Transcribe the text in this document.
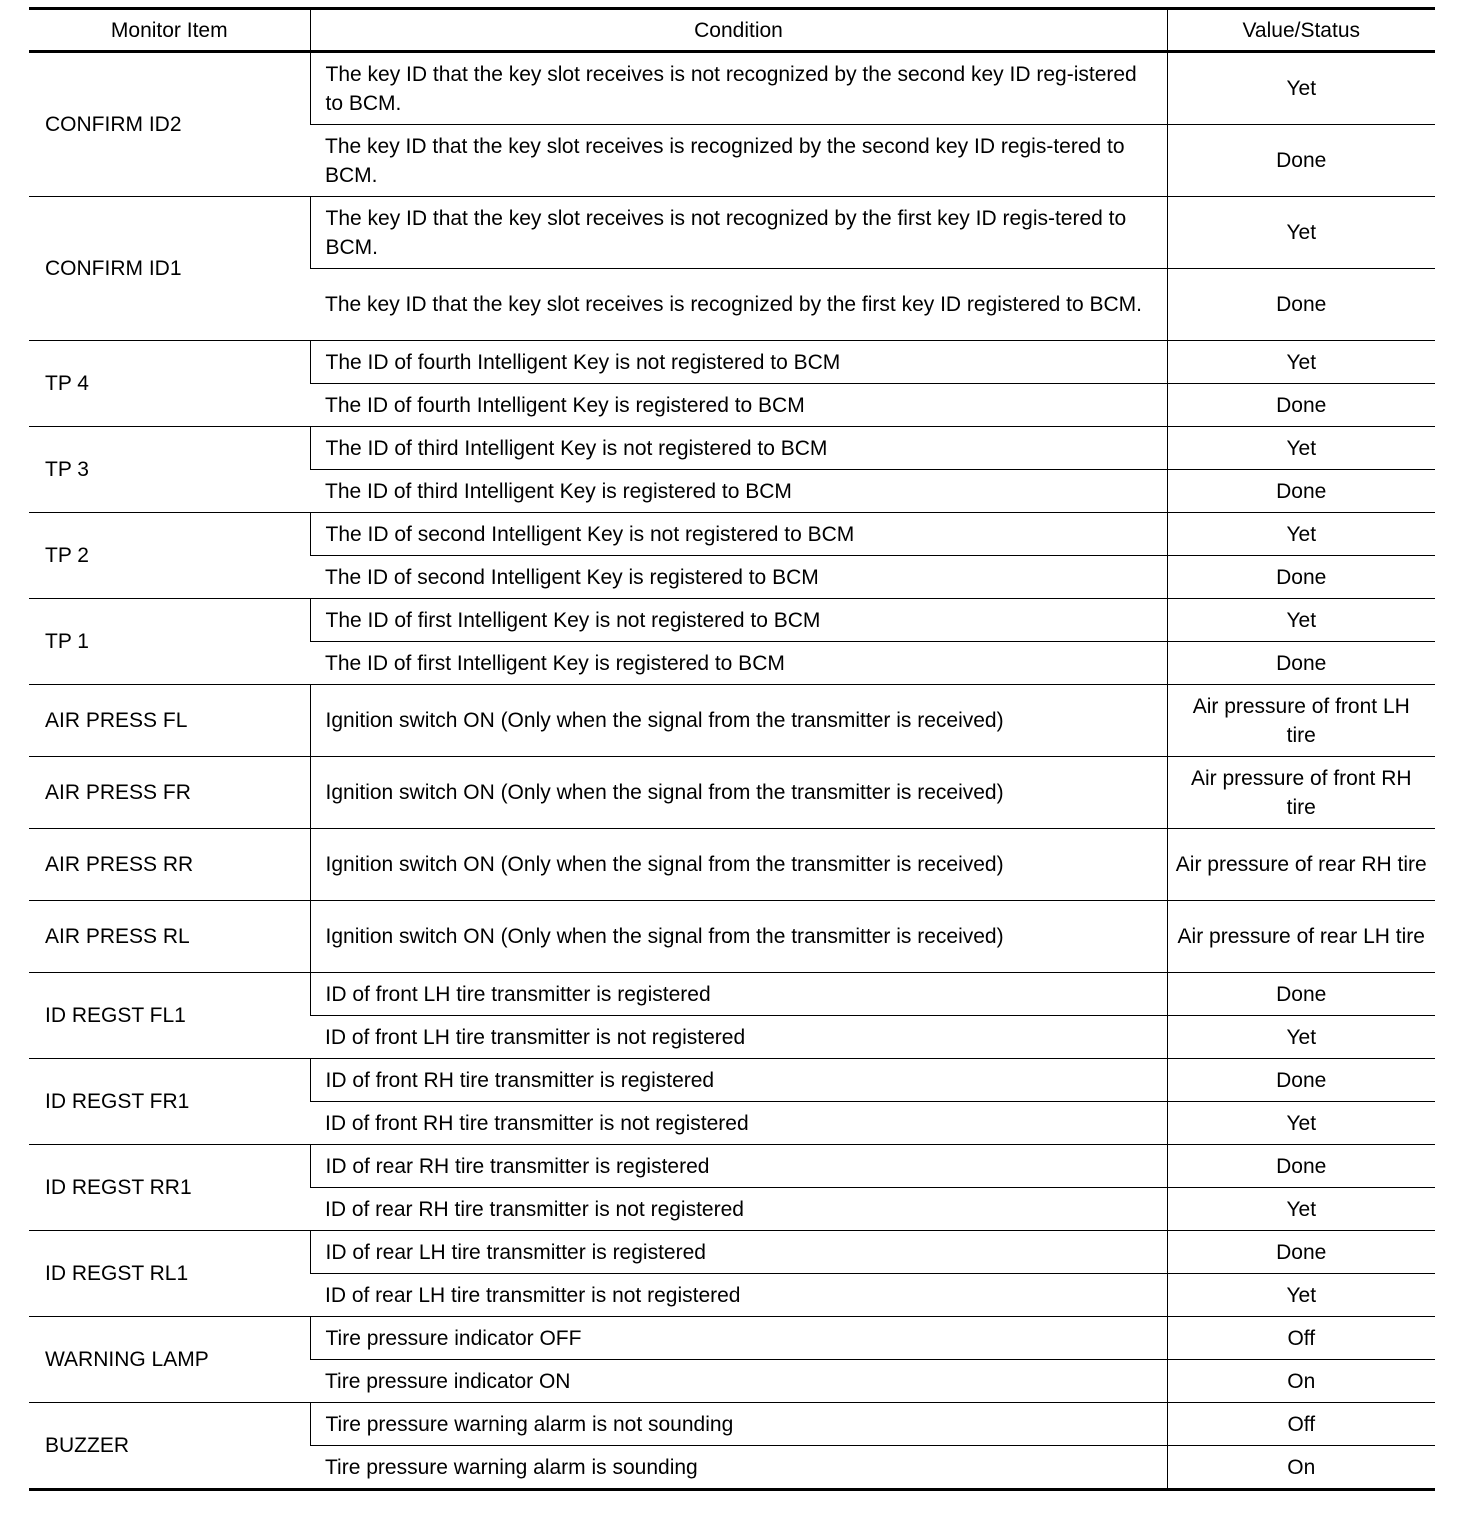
Monitor Item	Condition	Value/Status
CONFIRM ID2	The key ID that the key slot receives is not recognized by the second key ID reg-istered to BCM.	Yet
	The key ID that the key slot receives is recognized by the second key ID regis-tered to BCM.	Done
CONFIRM ID1	The key ID that the key slot receives is not recognized by the first key ID regis-tered to BCM.	Yet
	The key ID that the key slot receives is recognized by the first key ID registered to BCM.	Done
TP 4	The ID of fourth Intelligent Key is not registered to BCM	Yet
	The ID of fourth Intelligent Key is registered to BCM	Done
TP 3	The ID of third Intelligent Key is not registered to BCM	Yet
	The ID of third Intelligent Key is registered to BCM	Done
TP 2	The ID of second Intelligent Key is not registered to BCM	Yet
	The ID of second Intelligent Key is registered to BCM	Done
TP 1	The ID of first Intelligent Key is not registered to BCM	Yet
	The ID of first Intelligent Key is registered to BCM	Done
AIR PRESS FL	Ignition switch ON (Only when the signal from the transmitter is received)	Air pressure of front LH tire
AIR PRESS FR	Ignition switch ON (Only when the signal from the transmitter is received)	Air pressure of front RH tire
AIR PRESS RR	Ignition switch ON (Only when the signal from the transmitter is received)	Air pressure of rear RH tire
AIR PRESS RL	Ignition switch ON (Only when the signal from the transmitter is received)	Air pressure of rear LH tire
ID REGST FL1	ID of front LH tire transmitter is registered	Done
	ID of front LH tire transmitter is not registered	Yet
ID REGST FR1	ID of front RH tire transmitter is registered	Done
	ID of front RH tire transmitter is not registered	Yet
ID REGST RR1	ID of rear RH tire transmitter is registered	Done
	ID of rear RH tire transmitter is not registered	Yet
ID REGST RL1	ID of rear LH tire transmitter is registered	Done
	ID of rear LH tire transmitter is not registered	Yet
WARNING LAMP	Tire pressure indicator OFF	Off
	Tire pressure indicator ON	On
BUZZER	Tire pressure warning alarm is not sounding	Off
	Tire pressure warning alarm is sounding	On
